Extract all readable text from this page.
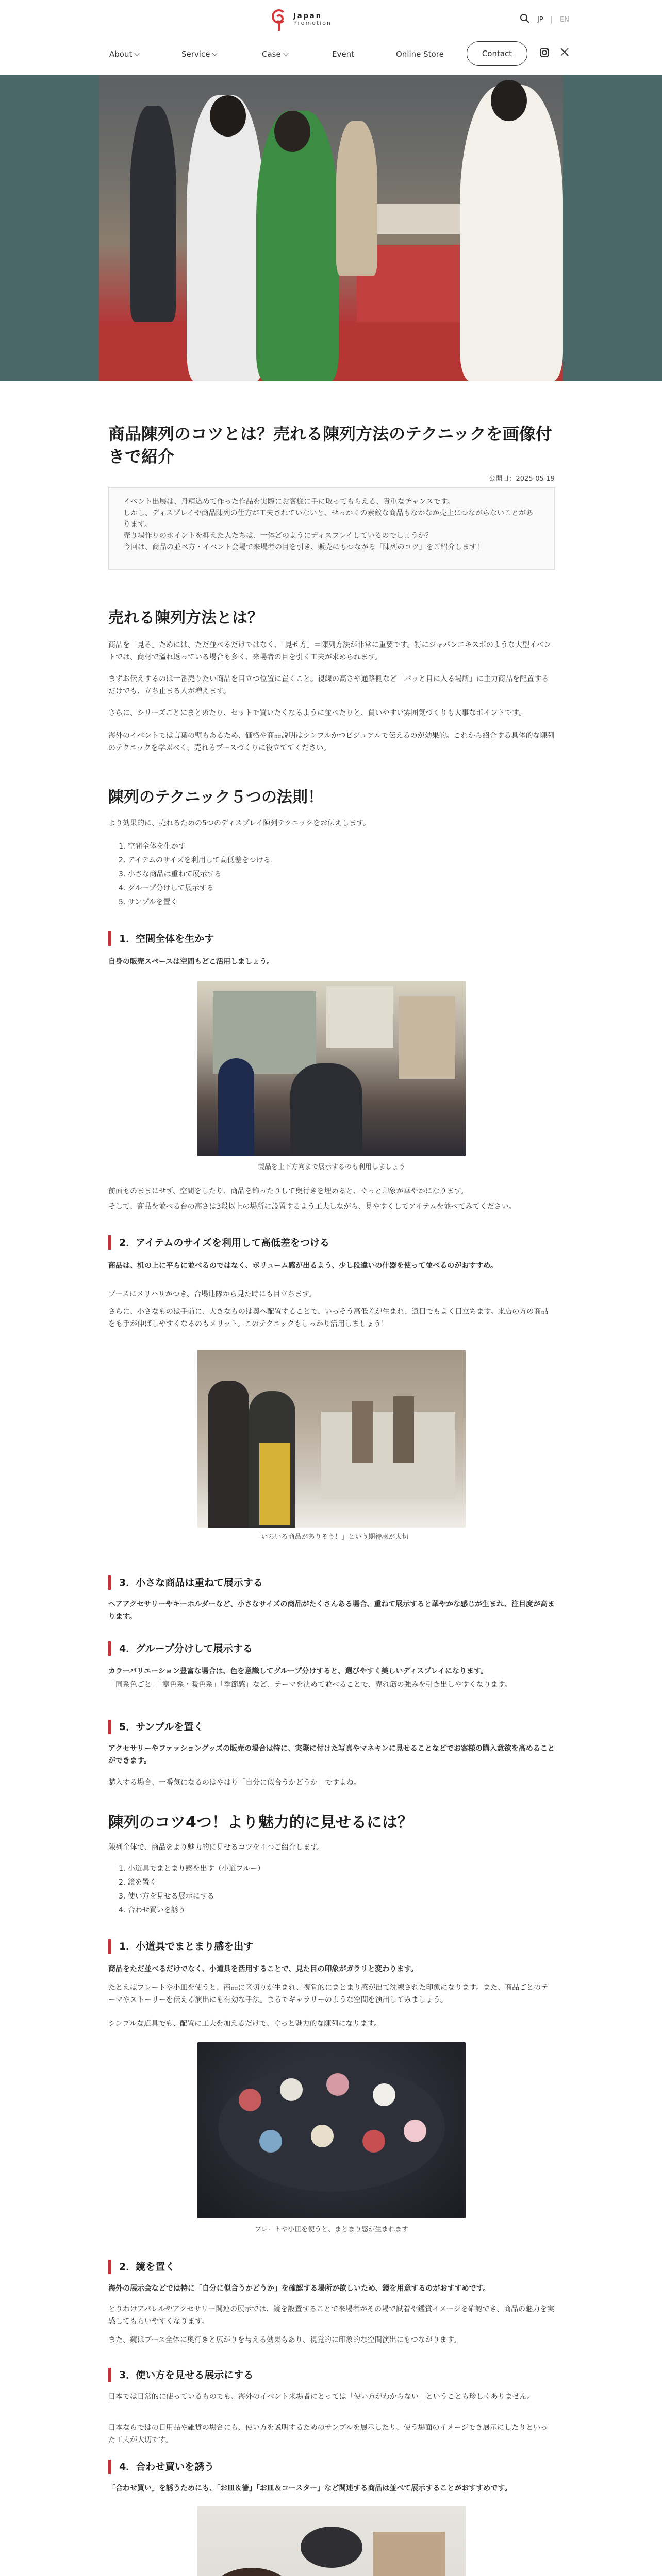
Japan
Promotion	JP | EN
About	Service	Case	Event	Online Store	Contact
商品陳列のコツとは？売れる陳列方法のテクニックを画像付きで紹介
公開日：2025-05-19

イベント出展は、丹精込めて作った作品を実際にお客様に手に取ってもらえる、貴重なチャンスです。

しかし、ディスプレイや商品陳列の仕方が工夫されていないと、せっかくの素敵な商品もなかなか売上につながらないことがあります。

売り場作りのポイントを抑えた人たちは、一体どのようにディスプレイしているのでしょうか？

今回は、商品の並べ方・イベント会場で来場者の目を引き、販売にもつながる「陳列のコツ」をご紹介します！

売れる陳列方法とは？

商品を「見る」ためには、ただ並べるだけではなく、「見せ方」＝陳列方法が非常に重要です。特にジャパンエキスポのような大型イベントでは、商材で溢れ返っている場合も多く、来場者の目を引く工夫が求められます。

まずお伝えするのは一番売りたい商品を目立つ位置に置くこと。視線の高さや通路側など「パッと目に入る場所」に主力商品を配置するだけでも、立ち止まる人が増えます。

さらに、シリーズごとにまとめたり、セットで買いたくなるように並べたりと、買いやすい雰囲気づくりも大事なポイントです。

海外のイベントでは言葉の壁もあるため、価格や商品説明はシンプルかつビジュアルで伝えるのが効果的。これから紹介する具体的な陳列のテクニックを学ぶべく、売れるブースづくりに役立ててください。

陳列のテクニック５つの法則！

より効果的に、売れるための5つのディスプレイ陳列テクニックをお伝えします。

1. 空間全体を生かす
2. アイテムのサイズを利用して高低差をつける
3. 小さな商品は重ねて展示する
4. グループ分けして展示する
5. サンプルを置く
1．空間全体を生かす

自身の販売スペースは空間もどこ活用しましょう。

製品を上下方向まで展示するのも利用しましょう

前面ものままにせず、空間をしたり、商品を飾ったりして奥行きを埋めると、ぐっと印象が華やかになります。

そして、商品を並べる台の高さは3段以上の場所に設置するよう工夫しながら、見やすくしてアイテムを並べてみてください。

2．アイテムのサイズを利用して高低差をつける

商品は、机の上に平らに並べるのではなく、ボリューム感が出るよう、少し段違いの什器を使って並べるのがおすすめ。

ブースにメリハリがつき、合場連隊から見た時にも目立ちます。

さらに、小さなものは手前に、大きなものは奥へ配置することで、いっそう高低差が生まれ、遠目でもよく目立ちます。来店の方の商品をも手が伸ばしやすくなるのもメリット。このテクニックもしっかり活用しましょう！

「いろいろ商品がありそう！」という期待感が大切

3．小さな商品は重ねて展示する

ヘアアクセサリーやキーホルダーなど、小さなサイズの商品がたくさんある場合、重ねて展示すると華やかな感じが生まれ、注目度が高まります。

4．グループ分けして展示する

カラーバリエーション豊富な場合は、色を意識してグループ分けすると、選びやすく美しいディスプレイになります。

「同系色ごと」「寒色系・暖色系」「季節感」など、テーマを決めて並べることで、売れ筋の強みを引き出しやすくなります。

5．サンプルを置く

アクセサリーやファッショングッズの販売の場合は特に、実際に付けた写真やマネキンに見せることなどでお客様の購入意欲を高めることができます。

購入する場合、一番気になるのはやはり「自分に似合うかどうか」ですよね。

陳列のコツ4つ！より魅力的に見せるには？

陳列全体で、商品をより魅力的に見せるコツを４つご紹介します。

1. 小道具でまとまり感を出す（小道プルー）
2. 鏡を置く
3. 使い方を見せる展示にする
4. 合わせ買いを誘う
1．小道具でまとまり感を出す

商品をただ並べるだけでなく、小道具を活用することで、見た目の印象がガラリと変わります。

たとえばプレートや小皿を使うと、商品に区切りが生まれ、視覚的にまとまり感が出て洗練された印象になります。また、商品ごとのテーマやストーリーを伝える演出にも有効な手法。まるでギャラリーのような空間を演出してみましょう。

シンプルな道具でも、配置に工夫を加えるだけで、ぐっと魅力的な陳列になります。

プレートや小皿を使うと、まとまり感が生まれます

2．鏡を置く

海外の展示会などでは特に「自分に似合うかどうか」を確認する場所が欲しいため、鏡を用意するのがおすすめです。

とりわけアパレルやアクセサリー関連の展示では、鏡を設置することで来場者がその場で試着や鑑賞イメージを確認でき、商品の魅力を実感してもらいやすくなります。

また、鏡はブース全体に奥行きと広がりを与える効果もあり、視覚的に印象的な空間演出にもつながります。

3．使い方を見せる展示にする

日本では日常的に使っているものでも、海外のイベント来場者にとっては「使い方がわからない」ということも珍しくありません。

日本ならではの日用品や雑貨の場合にも、使い方を説明するためのサンプルを展示したり、使う場面のイメージでき展示にしたりといった工夫が大切です。

4．合わせ買いを誘う

「合わせ買い」を誘うためにも、「お皿＆箸」「お皿＆コースター」など関連する商品は並べて展示することがおすすめです。
